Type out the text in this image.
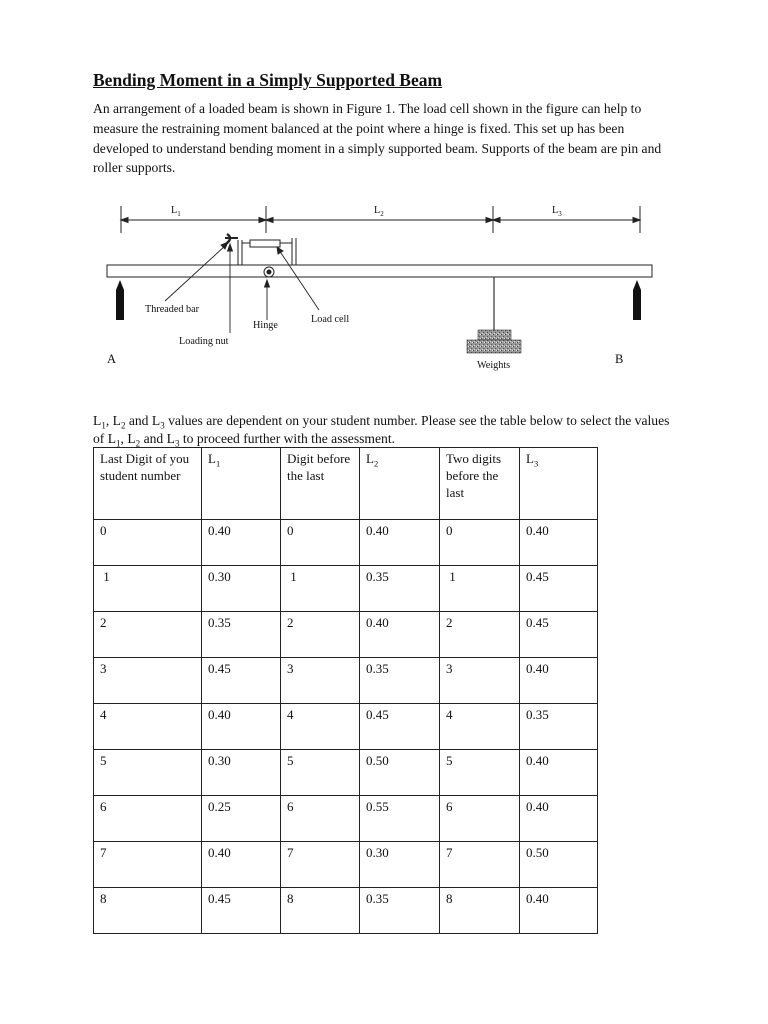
Bending Moment in a Simply Supported Beam

An arrangement of a loaded beam is shown in Figure 1. The load cell shown in the figure can help to measure the restraining moment balanced at the point where a hinge is fixed. This set up has been developed to understand bending moment in a simply supported beam. Supports of the beam are pin and roller supports.

$L_1$	$L_2$	$L_3$
Threaded bar
Hinge
Load cell
Loading nut
Weights
A	B

$L_1$, $L_2$ and $L_3$ values are dependent on your student number. Please see the table below to select the values of $L_1$, $L_2$ and $L_3$ to proceed further with the assessment.

Last Digit of you student number	$L_1$	Digit before the last	$L_2$	Two digits before the last	$L_3$
0	0.40	0	0.40	0	0.40
1	0.30	1	0.35	1	0.45
2	0.35	2	0.40	2	0.45
3	0.45	3	0.35	3	0.40
4	0.40	4	0.45	4	0.35
5	0.30	5	0.50	5	0.40
6	0.25	6	0.55	6	0.40
7	0.40	7	0.30	7	0.50
8	0.45	8	0.35	8	0.40
